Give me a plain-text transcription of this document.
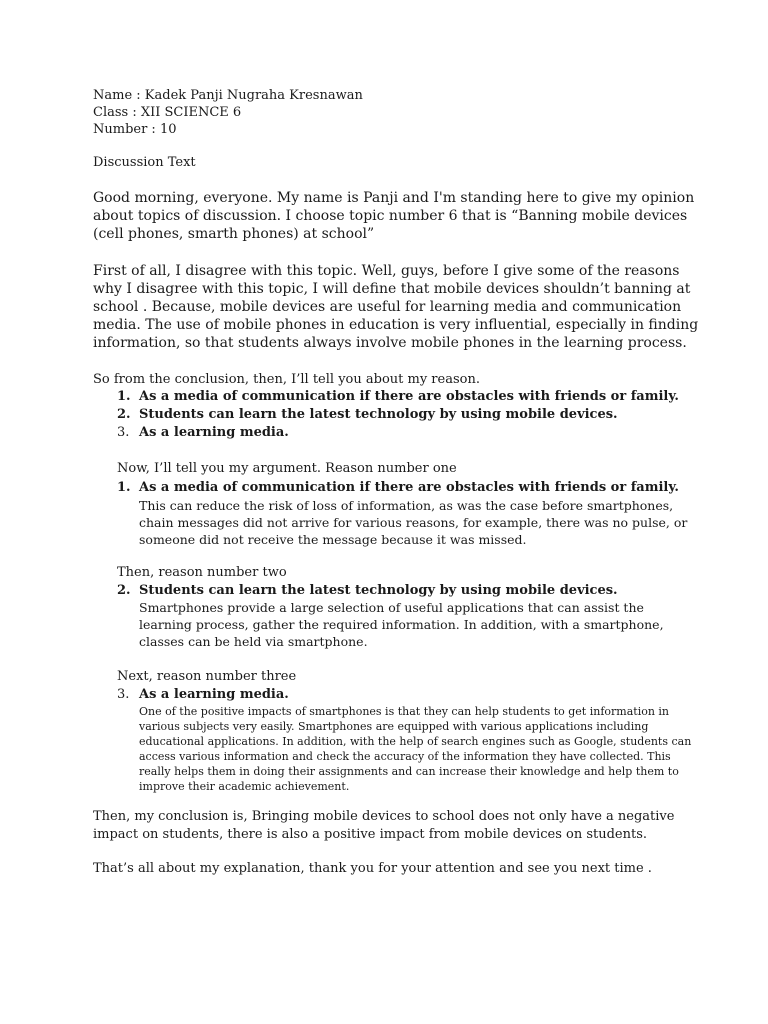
Name : Kadek Panji Nugraha Kresnawan

Class : XII SCIENCE 6

Number : 10

Discussion Text

Good morning, everyone. My name is Panji and I'm standing here to give my opinion

about topics of discussion. I choose topic number 6 that is “Banning mobile devices

(cell phones, smarth phones) at school”

First of all, I disagree with this topic. Well, guys, before I give some of the reasons

why I disagree with this topic, I will define that mobile devices shouldn’t banning at

school . Because, mobile devices are useful for learning media and communication

media. The use of mobile phones in education is very influential, especially in finding

information, so that students always involve mobile phones in the learning process.

So from the conclusion, then, I’ll tell you about my reason.

1. As a media of communication if there are obstacles with friends or family.
2. Students can learn the latest technology by using mobile devices.
3. As a learning media.

Now, I’ll tell you my argument. Reason number one

1. As a media of communication if there are obstacles with friends or family.

This can reduce the risk of loss of information, as was the case before smartphones,

chain messages did not arrive for various reasons, for example, there was no pulse, or

someone did not receive the message because it was missed.

Then, reason number two

2. Students can learn the latest technology by using mobile devices.

Smartphones provide a large selection of useful applications that can assist the

learning process, gather the required information. In addition, with a smartphone,

classes can be held via smartphone.

Next, reason number three

3. As a learning media.

One of the positive impacts of smartphones is that they can help students to get information in

various subjects very easily. Smartphones are equipped with various applications including

educational applications. In addition, with the help of search engines such as Google, students can

access various information and check the accuracy of the information they have collected. This

really helps them in doing their assignments and can increase their knowledge and help them to

improve their academic achievement.

Then, my conclusion is, Bringing mobile devices to school does not only have a negative

impact on students, there is also a positive impact from mobile devices on students.

That’s all about my explanation, thank you for your attention and see you next time .
